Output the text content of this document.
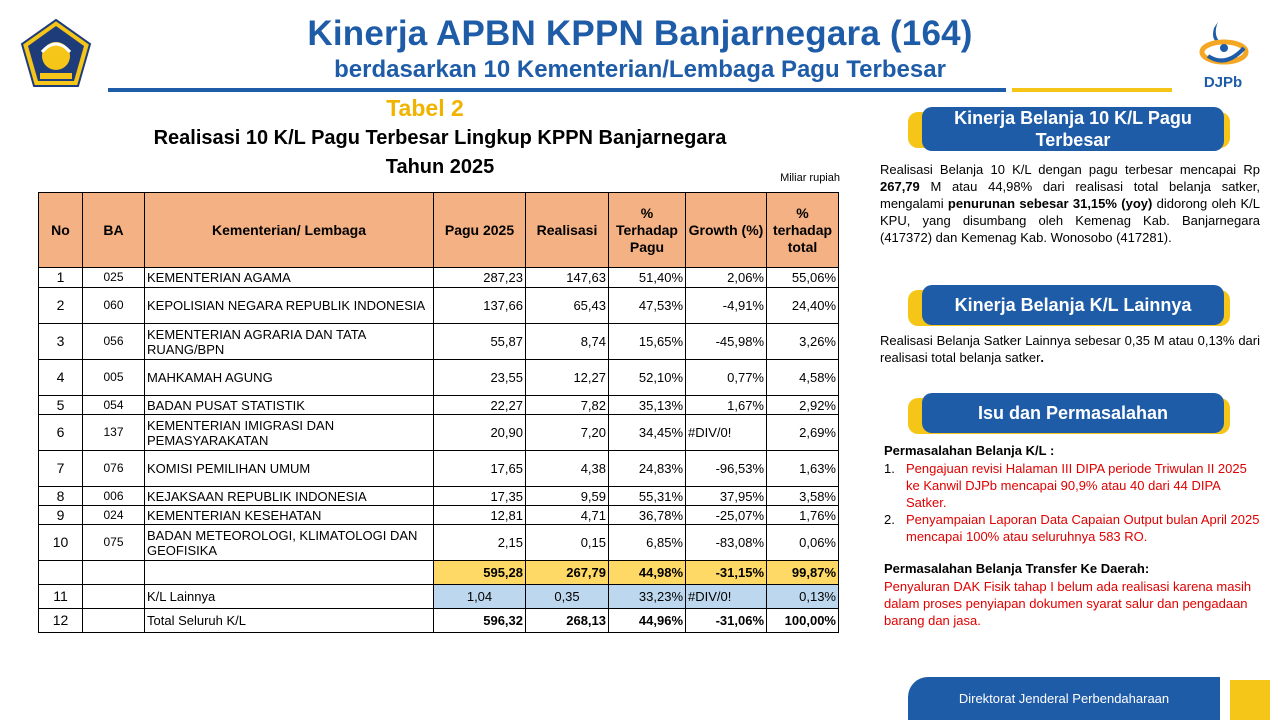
Kinerja APBN KPPN Banjarnegara (164)
berdasarkan 10 Kementerian/Lembaga Pagu Terbesar	DJPb
Tabel 2
Realisasi 10 K/L Pagu Terbesar Lingkup KPPN Banjarnegara
Tahun 2025	Miliar rupiah
No	BA	Kementerian/ Lembaga	Pagu 2025	Realisasi	% Terhadap Pagu	Growth (%)	% terhadap total
1	025	KEMENTERIAN AGAMA	287,23	147,63	51,40%	2,06%	55,06%
2	060	KEPOLISIAN NEGARA REPUBLIK INDONESIA	137,66	65,43	47,53%	-4,91%	24,40%
3	056	KEMENTERIAN AGRARIA DAN TATA RUANG/BPN	55,87	8,74	15,65%	-45,98%	3,26%
4	005	MAHKAMAH AGUNG	23,55	12,27	52,10%	0,77%	4,58%
5	054	BADAN PUSAT STATISTIK	22,27	7,82	35,13%	1,67%	2,92%
6	137	KEMENTERIAN IMIGRASI DAN PEMASYARAKATAN	20,90	7,20	34,45%	#DIV/0!	2,69%
7	076	KOMISI PEMILIHAN UMUM	17,65	4,38	24,83%	-96,53%	1,63%
8	006	KEJAKSAAN REPUBLIK INDONESIA	17,35	9,59	55,31%	37,95%	3,58%
9	024	KEMENTERIAN KESEHATAN	12,81	4,71	36,78%	-25,07%	1,76%
10	075	BADAN METEOROLOGI, KLIMATOLOGI DAN GEOFISIKA	2,15	0,15	6,85%	-83,08%	0,06%
			595,28	267,79	44,98%	-31,15%	99,87%
11		K/L Lainnya	1,04	0,35	33,23%	#DIV/0!	0,13%
12		Total Seluruh K/L	596,32	268,13	44,96%	-31,06%	100,00%
Kinerja Belanja 10 K/L Pagu Terbesar
Realisasi Belanja 10 K/L dengan pagu terbesar mencapai Rp 267,79 M atau 44,98% dari realisasi total belanja satker, mengalami penurunan sebesar 31,15% (yoy) didorong oleh K/L KPU, yang disumbang oleh Kemenag Kab. Banjarnegara (417372) dan Kemenag Kab. Wonosobo (417281).
Kinerja Belanja K/L Lainnya
Realisasi Belanja Satker Lainnya sebesar 0,35 M atau 0,13% dari realisasi total belanja satker.
Isu dan Permasalahan
Permasalahan Belanja K/L :
1. Pengajuan revisi Halaman III DIPA periode Triwulan II 2025 ke Kanwil DJPb mencapai 90,9% atau 40 dari 44 DIPA Satker.
2. Penyampaian Laporan Data Capaian Output bulan April 2025 mencapai 100% atau seluruhnya 583 RO.
Permasalahan Belanja Transfer Ke Daerah:
Penyaluran DAK Fisik tahap I belum ada realisasi karena masih dalam proses penyiapan dokumen syarat salur dan pengadaan barang dan jasa.
Direktorat Jenderal Perbendaharaan
